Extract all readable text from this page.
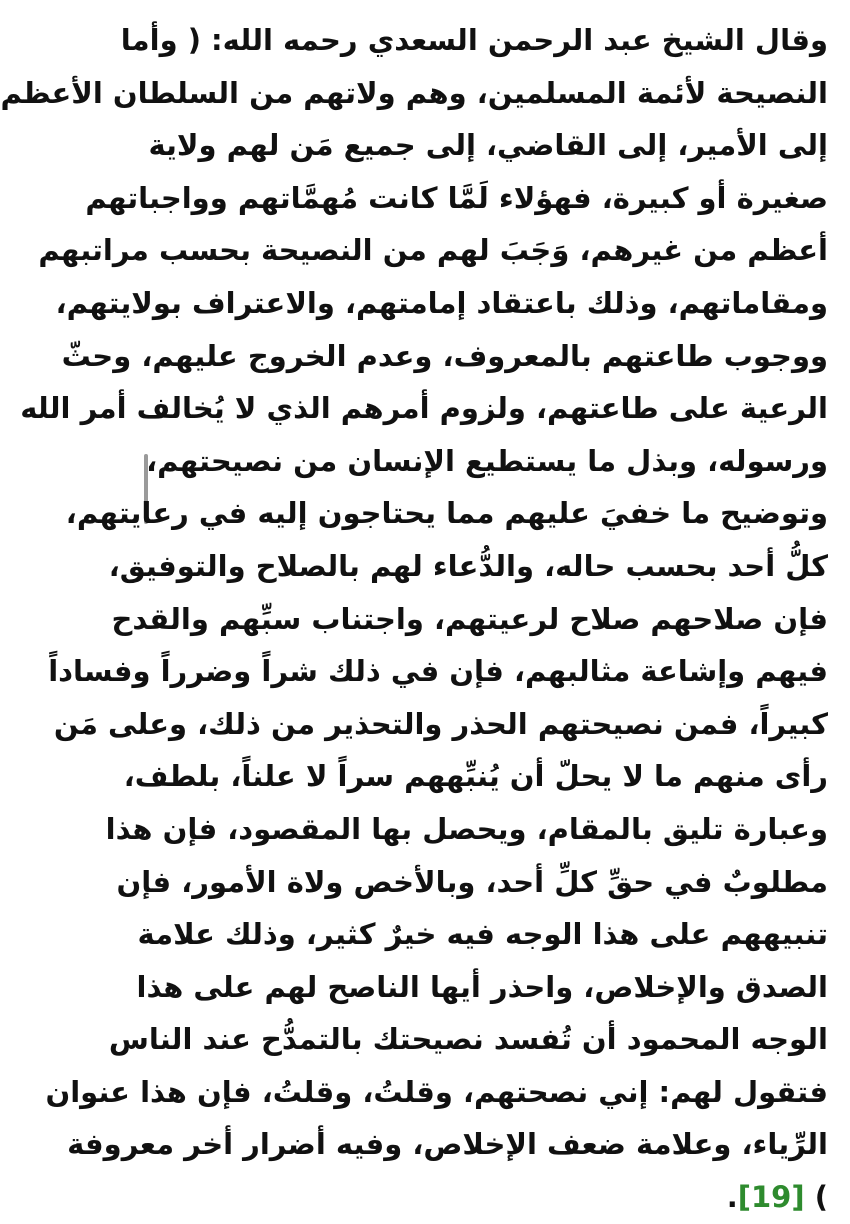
وقال الشيخ عبد الرحمن السعدي رحمه الله: ( وأما
النصيحة لأئمة المسلمين، وهم ولاتهم من السلطان الأعظم
إلى الأمير، إلى القاضي، إلى جميع مَن لهم ولاية
صغيرة أو كبيرة، فهؤلاء لَمَّا كانت مُهمَّاتهم وواجباتهم
أعظم من غيرهم، وَجَبَ لهم من النصيحة بحسب مراتبهم
ومقاماتهم، وذلك باعتقاد إمامتهم، والاعتراف بولايتهم،
ووجوب طاعتهم بالمعروف، وعدم الخروج عليهم، وحثّ
الرعية على طاعتهم، ولزوم أمرهم الذي لا يُخالف أمر الله
ورسوله، وبذل ما يستطيع الإنسان من نصيحتهم،
وتوضيح ما خفيَ عليهم مما يحتاجون إليه في رعايتهم،
كلُّ أحد بحسب حاله، والدُّعاء لهم بالصلاح والتوفيق،
فإن صلاحهم صلاح لرعيتهم، واجتناب سبِّهم والقدح
فيهم وإشاعة مثالبهم، فإن في ذلك شراً وضرراً وفساداً
كبيراً، فمن نصيحتهم الحذر والتحذير من ذلك، وعلى مَن
رأى منهم ما لا يحلّ أن يُنبِّههم سراً لا علناً، بلطف،
وعبارة تليق بالمقام، ويحصل بها المقصود، فإن هذا
مطلوبٌ في حقِّ كلِّ أحد، وبالأخص ولاة الأمور، فإن
تنبيههم على هذا الوجه فيه خيرٌ كثير، وذلك علامة
الصدق والإخلاص، واحذر أيها الناصح لهم على هذا
الوجه المحمود أن تُفسد نصيحتك بالتمدُّح عند الناس
فتقول لهم: إني نصحتهم، وقلتُ، وقلتُ، فإن هذا عنوان
الرِّياء، وعلامة ضعف الإخلاص، وفيه أضرار أخر معروفة
) [19].
